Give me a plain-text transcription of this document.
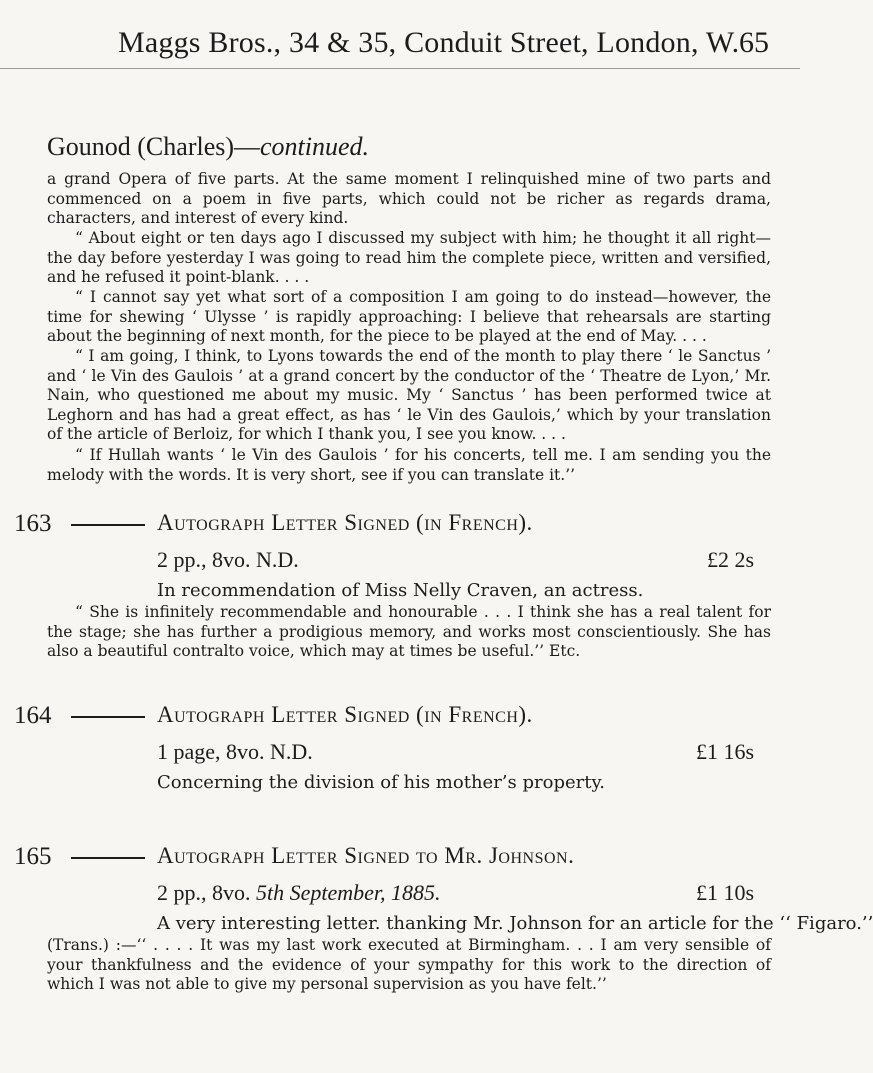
Maggs Bros., 34 & 35, Conduit Street, London, W. 65
Gounod (Charles)—continued.
a grand Opera of five parts. At the same moment I relinquished mine of two parts and commenced on a poem in five parts, which could not be richer as regards drama, characters, and interest of every kind.
“ About eight or ten days ago I discussed my subject with him; he thought it all right—the day before yesterday I was going to read him the complete piece, written and versified, and he refused it point-blank. . . .
“ I cannot say yet what sort of a composition I am going to do instead—however, the time for shewing ‘ Ulysse ’ is rapidly approaching: I believe that rehearsals are starting about the beginning of next month, for the piece to be played at the end of May. . . .
“ I am going, I think, to Lyons towards the end of the month to play there ‘ le Sanctus ’ and ‘ le Vin des Gaulois ’ at a grand concert by the conductor of the ‘ Theatre de Lyon,’ Mr. Nain, who questioned me about my music. My ‘ Sanctus ’ has been performed twice at Leghorn and has had a great effect, as has ‘ le Vin des Gaulois,’ which by your translation of the article of Berloiz, for which I thank you, I see you know. . . .
“ If Hullah wants ‘ le Vin des Gaulois ’ for his concerts, tell me. I am sending you the melody with the words. It is very short, see if you can translate it.’’
163	Autograph Letter Signed (in French).
2 pp., 8vo. N.D.	£2 2s
In recommendation of Miss Nelly Craven, an actress.
“ She is infinitely recommendable and honourable . . . I think she has a real talent for the stage; she has further a prodigious memory, and works most conscientiously. She has also a beautiful contralto voice, which may at times be useful.’’ Etc.
164	Autograph Letter Signed (in French).
1 page, 8vo. N.D.	£1 16s
Concerning the division of his mother’s property.
165	Autograph Letter Signed to Mr. Johnson.
2 pp., 8vo. 5th September, 1885.	£1 10s
A very interesting letter. thanking Mr. Johnson for an article for the ‘‘ Figaro.’’
(Trans.) :—‘‘ . . . . It was my last work executed at Birmingham. . . I am very sensible of your thankfulness and the evidence of your sympathy for this work to the direction of which I was not able to give my personal supervision as you have felt.’’
